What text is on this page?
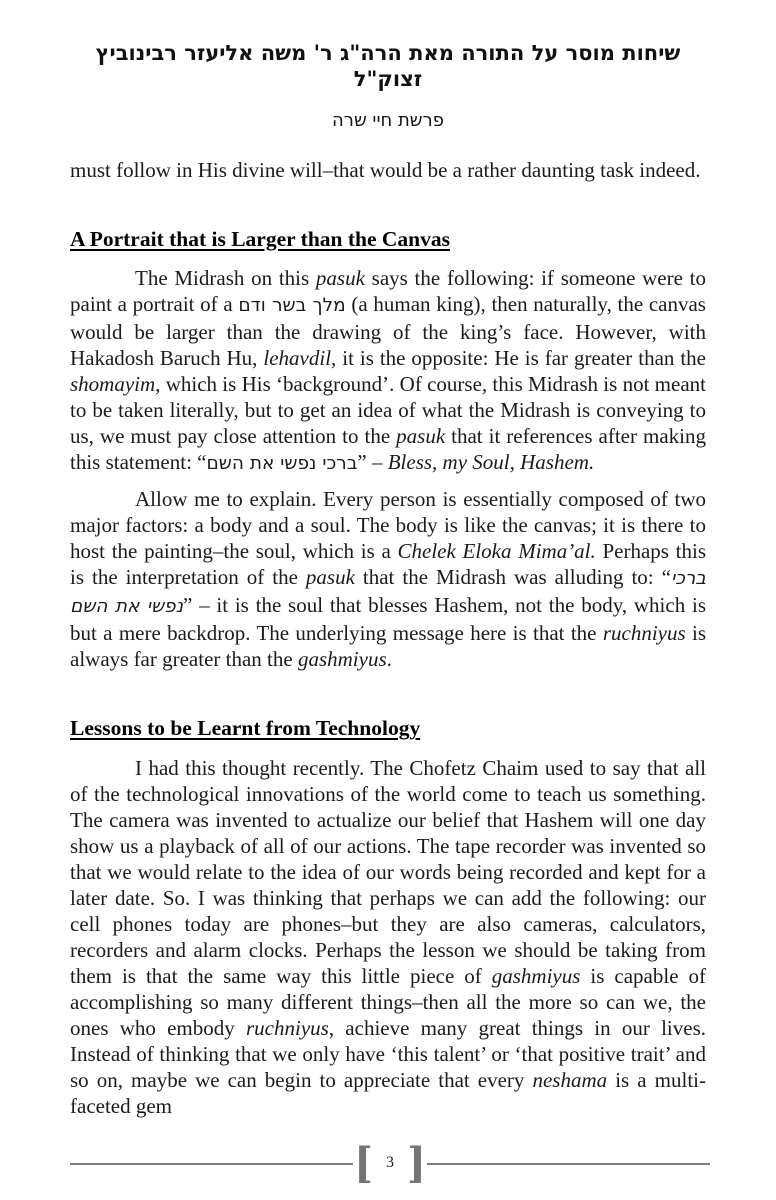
שיחות מוסר על התורה מאת הרה"ג ר' משה אליעזר רבינוביץ זצוק"ל
פרשת חיי שרה

must follow in His divine will–that would be a rather daunting task indeed.

A Portrait that is Larger than the Canvas

The Midrash on this pasuk says the following: if someone were to paint a portrait of a מלך בשר ודם (a human king), then naturally, the canvas would be larger than the drawing of the king’s face. However, with Hakadosh Baruch Hu, lehavdil, it is the opposite: He is far greater than the shomayim, which is His ‘background’. Of course, this Midrash is not meant to be taken literally, but to get an idea of what the Midrash is conveying to us, we must pay close attention to the pasuk that it references after making this statement: “ברכי נפשי את השם” – Bless, my Soul, Hashem.

Allow me to explain. Every person is essentially composed of two major factors: a body and a soul. The body is like the canvas; it is there to host the painting–the soul, which is a Chelek Eloka Mima’al. Perhaps this is the interpretation of the pasuk that the Midrash was alluding to: “ברכי נפשי את השם” – it is the soul that blesses Hashem, not the body, which is but a mere backdrop. The underlying message here is that the ruchniyus is always far greater than the gashmiyus.

Lessons to be Learnt from Technology

I had this thought recently. The Chofetz Chaim used to say that all of the technological innovations of the world come to teach us something. The camera was invented to actualize our belief that Hashem will one day show us a playback of all of our actions. The tape recorder was invented so that we would relate to the idea of our words being recorded and kept for a later date. So. I was thinking that perhaps we can add the following: our cell phones today are phones–but they are also cameras, calculators, recorders and alarm clocks. Perhaps the lesson we should be taking from them is that the same way this little piece of gashmiyus is capable of accomplishing so many different things–then all the more so can we, the ones who embody ruchniyus, achieve many great things in our lives. Instead of thinking that we only have ‘this talent’ or ‘that positive trait’ and so on, maybe we can begin to appreciate that every neshama is a multi-faceted gem

[ 3 ]
